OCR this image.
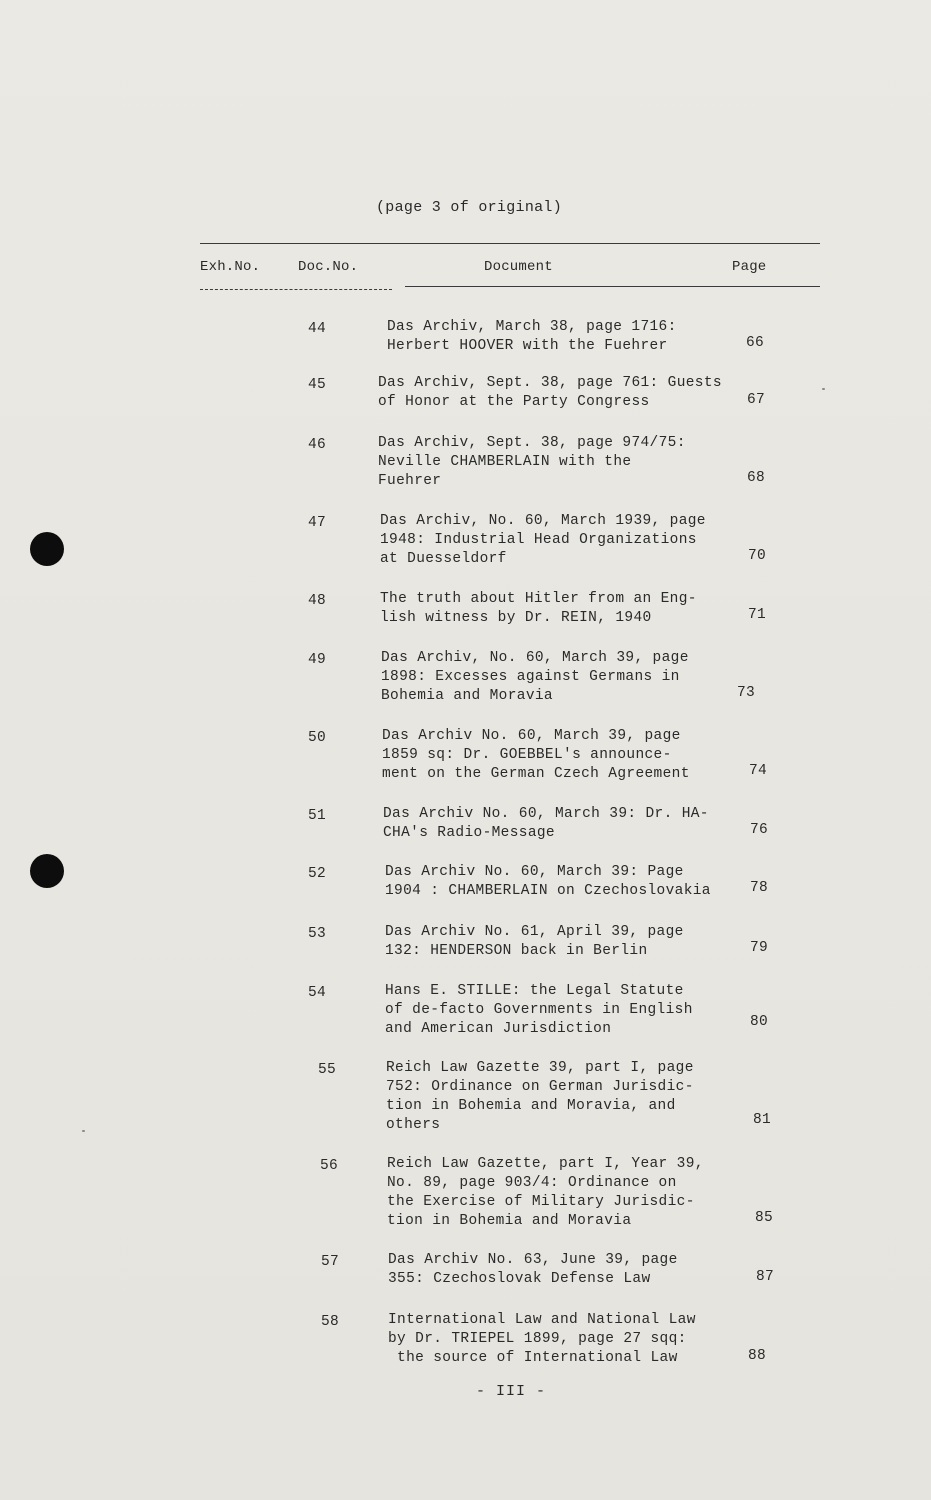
(page 3 of original)
Exh.No.	Doc.No.	Document	Page
44	Das Archiv, March 38, page 1716:
Herbert HOOVER with the Fuehrer	66
45	Das Archiv, Sept. 38, page 761: Guests
of Honor at the Party Congress	67
46	Das Archiv, Sept. 38, page 974/75:
Neville CHAMBERLAIN with the
Fuehrer	68
47	Das Archiv, No. 60, March 1939, page
1948: Industrial Head Organizations
at Duesseldorf	70
48	The truth about Hitler from an Eng-
lish witness by Dr. REIN, 1940	71
49	Das Archiv, No. 60, March 39, page
1898: Excesses against Germans in
Bohemia and Moravia	73
50	Das Archiv No. 60, March 39, page
1859 sq: Dr. GOEBBEL's announce-
ment on the German Czech Agreement	74
51	Das Archiv No. 60, March 39: Dr. HA-
CHA's Radio-Message	76
52	Das Archiv No. 60, March 39: Page
1904 : CHAMBERLAIN on Czechoslovakia	78
53	Das Archiv No. 61, April 39, page
132: HENDERSON back in Berlin	79
54	Hans E. STILLE: the Legal Statute
of de-facto Governments in English
and American Jurisdiction	80
55	Reich Law Gazette 39, part I, page
752: Ordinance on German Jurisdic-
tion in Bohemia and Moravia, and
others	81
56	Reich Law Gazette, part I, Year 39,
No. 89, page 903/4: Ordinance on
the Exercise of Military Jurisdic-
tion in Bohemia and Moravia	85
57	Das Archiv No. 63, June 39, page
355: Czechoslovak Defense Law	87
58	International Law and National Law
by Dr. TRIEPEL 1899, page 27 sqq:
the source of International Law	88
- III -
